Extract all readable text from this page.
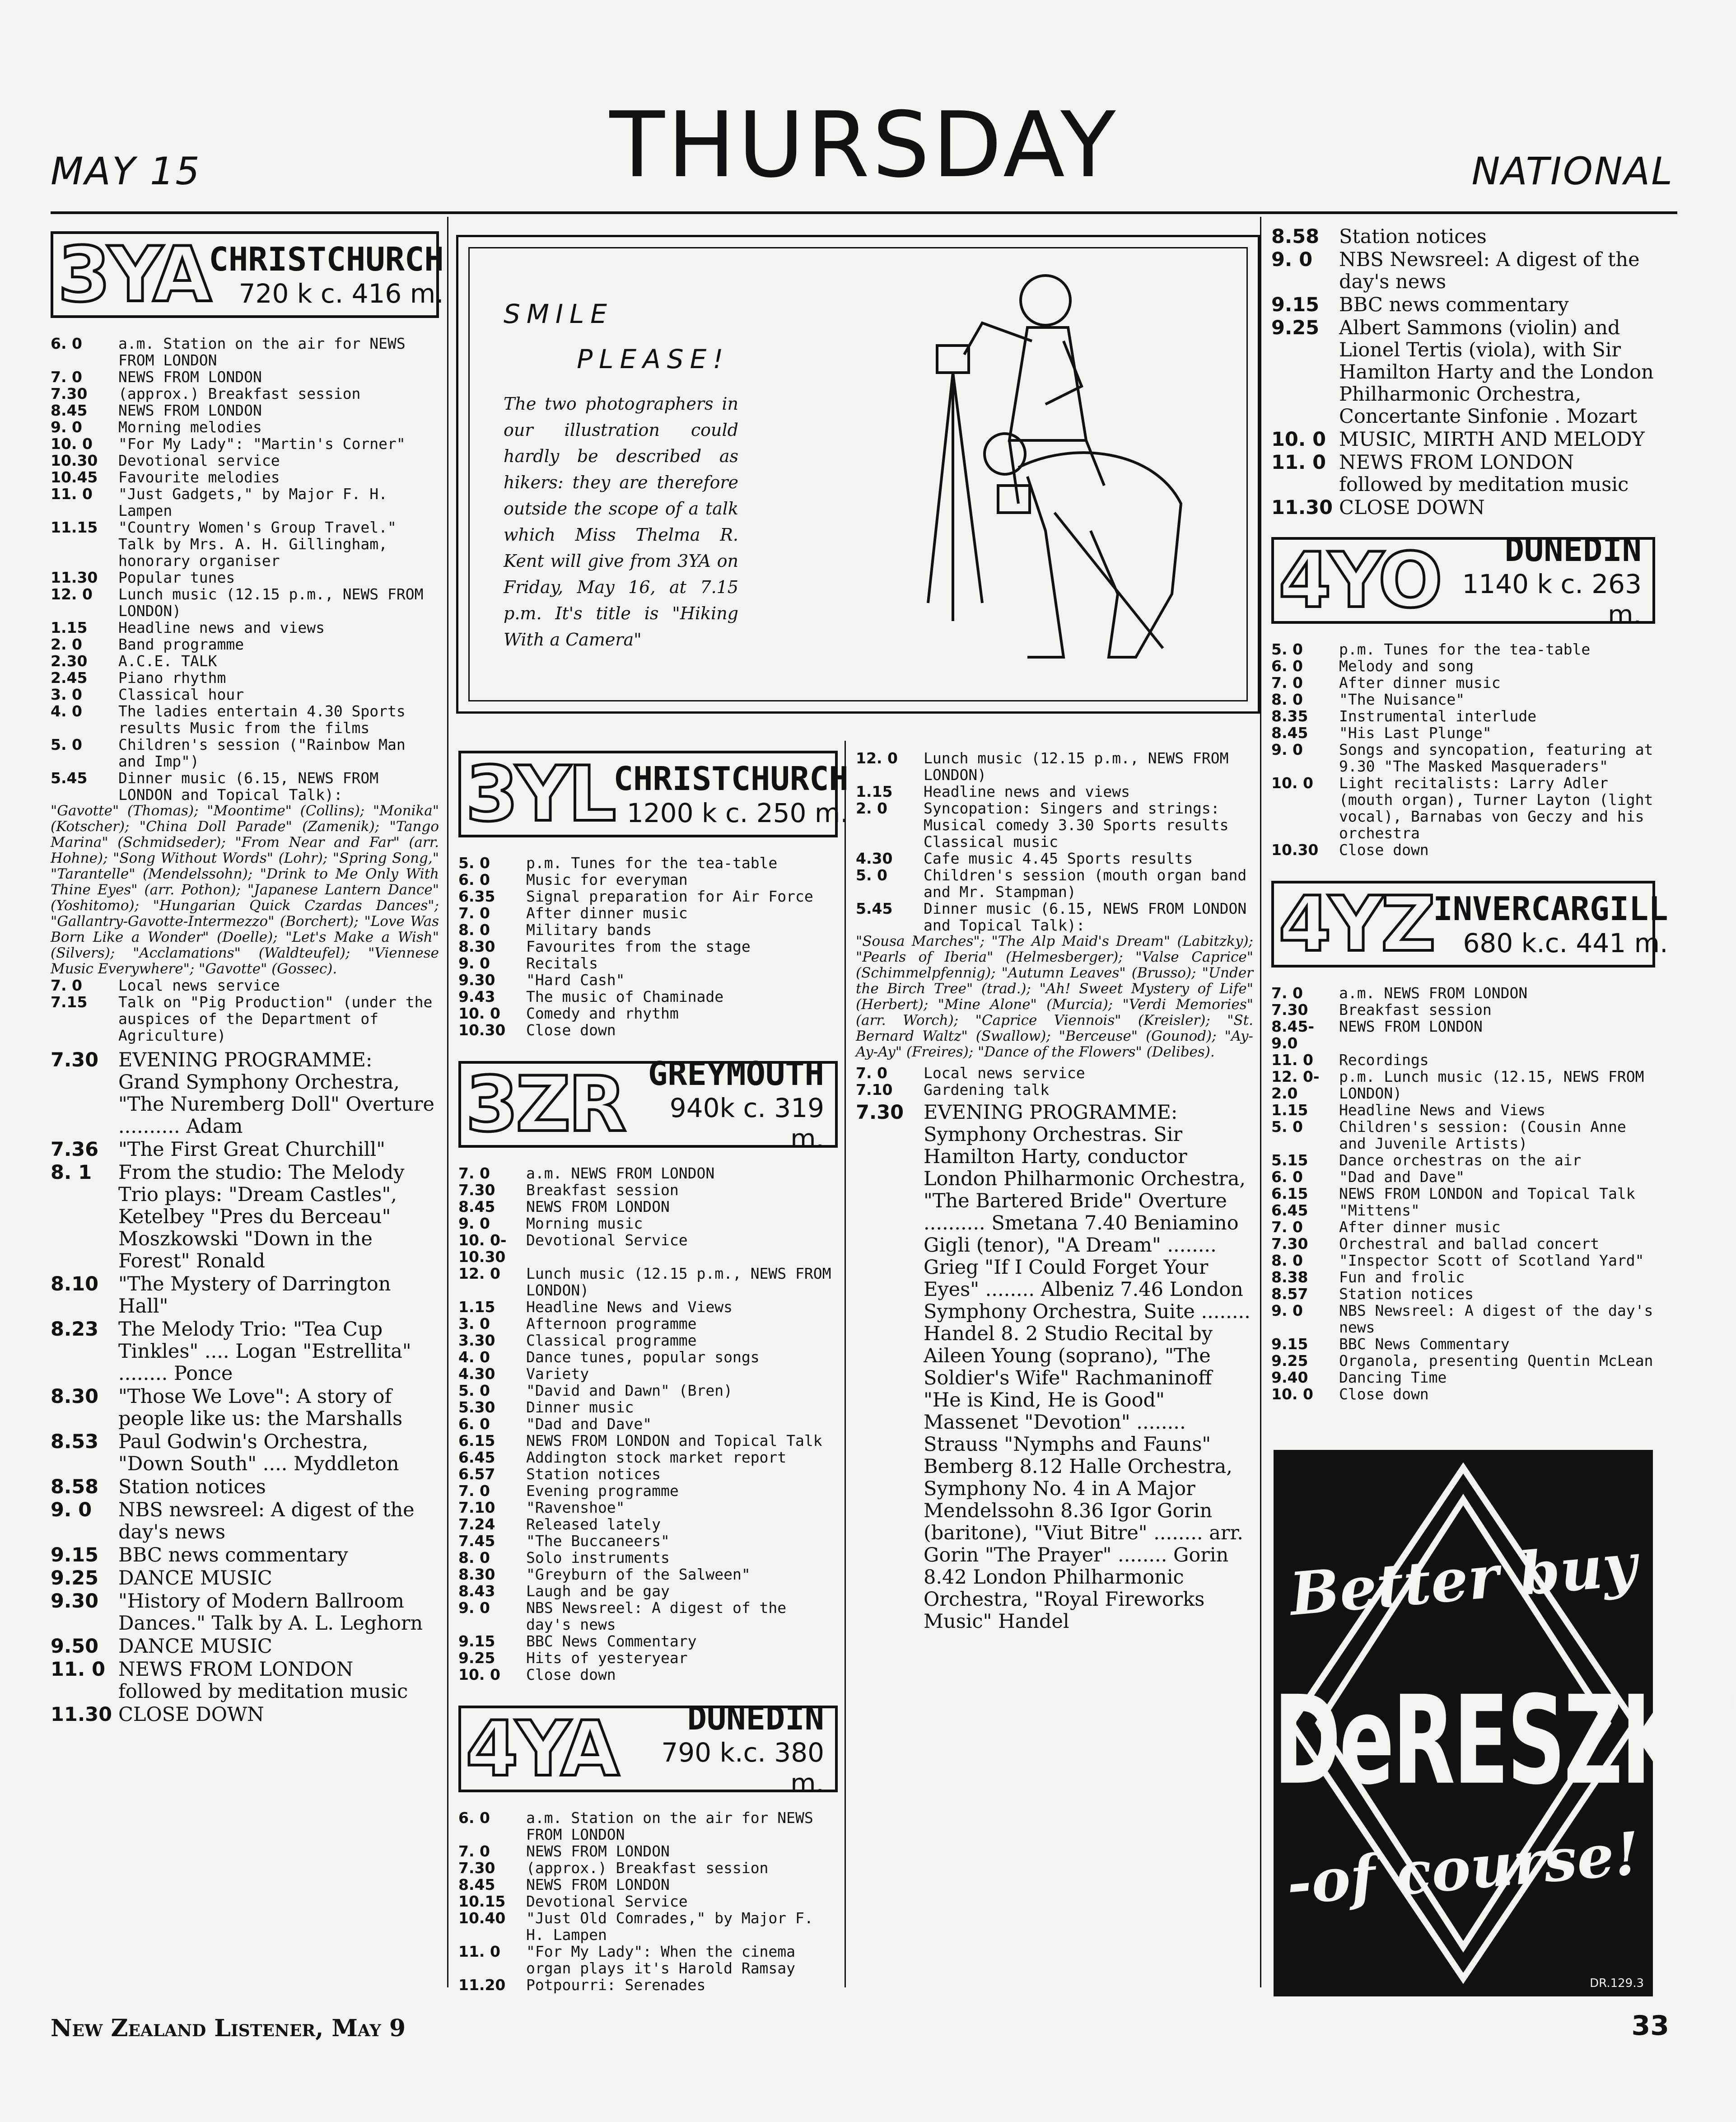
MAY 15	THURSDAY	NATIONAL
3YA CHRISTCHURCH
720 k c. 416 m.
6. 0	a.m. Station on the air for NEWS FROM LONDON
7. 0	NEWS FROM LONDON
7.30	(approx.) Breakfast session
8.45	NEWS FROM LONDON
9. 0	Morning melodies
10. 0	"For My Lady": "Martin's Corner"
10.30	Devotional service
10.45	Favourite melodies
11. 0	"Just Gadgets," by Major F. H. Lampen
11.15	"Country Women's Group Travel." Talk by Mrs. A. H. Gillingham, honorary organiser
11.30	Popular tunes
12. 0	Lunch music (12.15 p.m., NEWS FROM LONDON)
1.15	Headline news and views
2. 0	Band programme
2.30	A.C.E. TALK
2.45	Piano rhythm
3. 0	Classical hour
4. 0	The ladies entertain 4.30 Sports results Music from the films
5. 0	Children's session ("Rainbow Man and Imp")
5.45	Dinner music (6.15, NEWS FROM LONDON and Topical Talk):
"Gavotte" (Thomas); "Moontime" (Collins); "Monika" (Kotscher); "China Doll Parade" (Zamenik); "Tango Marina" (Schmidseder); "From Near and Far" (arr. Hohne); "Song Without Words" (Lohr); "Spring Song," "Tarantelle" (Mendelssohn); "Drink to Me Only With Thine Eyes" (arr. Pothon); "Japanese Lantern Dance" (Yoshitomo); "Hungarian Quick Czardas Dances"; "Gallantry-Gavotte-Intermezzo" (Borchert); "Love Was Born Like a Wonder" (Doelle); "Let's Make a Wish" (Silvers); "Acclamations" (Waldteufel); "Viennese Music Everywhere"; "Gavotte" (Gossec).
7. 0	Local news service
7.15	Talk on "Pig Production" (under the auspices of the Department of Agriculture)
7.30	EVENING PROGRAMME: Grand Symphony Orchestra, "The Nuremberg Doll" Overture .......... Adam
7.36	"The First Great Churchill"
8. 1	From the studio: The Melody Trio plays: "Dream Castles", Ketelbey "Pres du Berceau" Moszkowski "Down in the Forest" Ronald
8.10	"The Mystery of Darrington Hall"
8.23	The Melody Trio: "Tea Cup Tinkles" .... Logan "Estrellita" ........ Ponce
8.30	"Those We Love": A story of people like us: the Marshalls
8.53	Paul Godwin's Orchestra, "Down South" .... Myddleton
8.58	Station notices
9. 0	NBS newsreel: A digest of the day's news
9.15	BBC news commentary
9.25	DANCE MUSIC
9.30	"History of Modern Ballroom Dances." Talk by A. L. Leghorn
9.50	DANCE MUSIC
11. 0 NEWS FROM LONDON followed by meditation music
11.30 CLOSE DOWN
SMILE
PLEASE!
The two photographers in our illustration could hardly be described as hikers: they are therefore outside the scope of a talk which Miss Thelma R. Kent will give from 3YA on Friday, May 16, at 7.15 p.m. It's title is "Hiking With a Camera"
3YL CHRISTCHURCH
1200 k c. 250 m.
5. 0	p.m. Tunes for the tea-table
6. 0	Music for everyman
6.35	Signal preparation for Air Force
7. 0	After dinner music
8. 0	Military bands
8.30	Favourites from the stage
9. 0	Recitals
9.30	"Hard Cash"
9.43	The music of Chaminade
10. 0	Comedy and rhythm
10.30	Close down
3ZR GREYMOUTH
940k c. 319 m.
7. 0	a.m. NEWS FROM LONDON
7.30	Breakfast session
8.45	NEWS FROM LONDON
9. 0	Morning music
10. 0-10.30
Devotional Service
12. 0	Lunch music (12.15 p.m., NEWS FROM LONDON)
1.15	Headline News and Views
3. 0	Afternoon programme
3.30	Classical programme
4. 0	Dance tunes, popular songs
4.30	Variety
5. 0	"David and Dawn" (Bren)
5.30	Dinner music
6. 0	"Dad and Dave"
6.15	NEWS FROM LONDON and Topical Talk
6.45	Addington stock market report
6.57	Station notices
7. 0	Evening programme
7.10	"Ravenshoe"
7.24	Released lately
7.45	"The Buccaneers"
8. 0	Solo instruments
8.30	"Greyburn of the Salween"
8.43	Laugh and be gay
9. 0	NBS Newsreel: A digest of the day's news
9.15	BBC News Commentary
9.25	Hits of yesteryear
10. 0	Close down
4YA	DUNEDIN
790 k.c. 380 m.
6. 0	a.m. Station on the air for NEWS FROM LONDON
7. 0	NEWS FROM LONDON
7.30	(approx.) Breakfast session
8.45	NEWS FROM LONDON
10.15	Devotional Service
10.40	"Just Old Comrades," by Major F. H. Lampen
11. 0	"For My Lady": When the cinema organ plays it's Harold Ramsay
11.20	Potpourri: Serenades
12. 0	Lunch music (12.15 p.m., NEWS FROM LONDON)
1.15	Headline news and views
2. 0	Syncopation: Singers and strings: Musical comedy 3.30 Sports results Classical music
4.30	Cafe music 4.45 Sports results
5. 0	Children's session (mouth organ band and Mr. Stampman)
5.45	Dinner music (6.15, NEWS FROM LONDON and Topical Talk):
"Sousa Marches"; "The Alp Maid's Dream" (Labitzky); "Pearls of Iberia" (Helmesberger); "Valse Caprice" (Schimmelpfennig); "Autumn Leaves" (Brusso); "Under the Birch Tree" (trad.); "Ah! Sweet Mystery of Life" (Herbert); "Mine Alone" (Murcia); "Verdi Memories" (arr. Worch); "Caprice Viennois" (Kreisler); "St. Bernard Waltz" (Swallow); "Berceuse" (Gounod); "Ay-Ay-Ay" (Freires); "Dance of the Flowers" (Delibes).
7. 0	Local news service
7.10	Gardening talk
7.30	EVENING PROGRAMME: Symphony Orchestras. Sir Hamilton Harty, conductor London Philharmonic Orchestra, "The Bartered Bride" Overture .......... Smetana 7.40 Beniamino Gigli (tenor), "A Dream" ........ Grieg "If I Could Forget Your Eyes" ........ Albeniz 7.46 London Symphony Orchestra, Suite ........ Handel 8. 2 Studio Recital by Aileen Young (soprano), "The Soldier's Wife" Rachmaninoff "He is Kind, He is Good" Massenet "Devotion" ........ Strauss "Nymphs and Fauns" Bemberg 8.12 Halle Orchestra, Symphony No. 4 in A Major Mendelssohn 8.36 Igor Gorin (baritone), "Viut Bitre" ........ arr. Gorin "The Prayer" ........ Gorin 8.42 London Philharmonic Orchestra, "Royal Fireworks Music" Handel
8.58	Station notices
9. 0	NBS Newsreel: A digest of the day's news
9.15	BBC news commentary
9.25	Albert Sammons (violin) and Lionel Tertis (viola), with Sir Hamilton Harty and the London Philharmonic Orchestra, Concertante Sinfonie . Mozart
10. 0 MUSIC, MIRTH AND MELODY
11. 0 NEWS FROM LONDON followed by meditation music
11.30 CLOSE DOWN
4YO	DUNEDIN
1140 k c. 263 m.
5. 0	p.m. Tunes for the tea-table
6. 0	Melody and song
7. 0	After dinner music
8. 0	"The Nuisance"
8.35	Instrumental interlude
8.45	"His Last Plunge"
9. 0	Songs and syncopation, featuring at 9.30 "The Masked Masqueraders"
10. 0	Light recitalists: Larry Adler (mouth organ), Turner Layton (light vocal), Barnabas von Geczy and his orchestra
10.30	Close down
4YZ INVERCARGILL
680 k.c. 441 m.
7. 0	a.m. NEWS FROM LONDON
7.30	Breakfast session
8.45-9.0
NEWS FROM LONDON
11. 0	Recordings
12. 0-2.0
p.m. Lunch music (12.15, NEWS FROM LONDON)
1.15	Headline News and Views
5. 0	Children's session: (Cousin Anne and Juvenile Artists)
5.15	Dance orchestras on the air
6. 0	"Dad and Dave"
6.15	NEWS FROM LONDON and Topical Talk
6.45	"Mittens"
7. 0	After dinner music
7.30	Orchestral and ballad concert
8. 0	"Inspector Scott of Scotland Yard"
8.38	Fun and frolic
8.57	Station notices
9. 0	NBS Newsreel: A digest of the day's news
9.15	BBC News Commentary
9.25	Organola, presenting Quentin McLean
9.40	Dancing Time
10. 0	Close down
Better buy
DeRESZKE
-of course!
DR.129.3
New Zealand Listener, May 9	33
